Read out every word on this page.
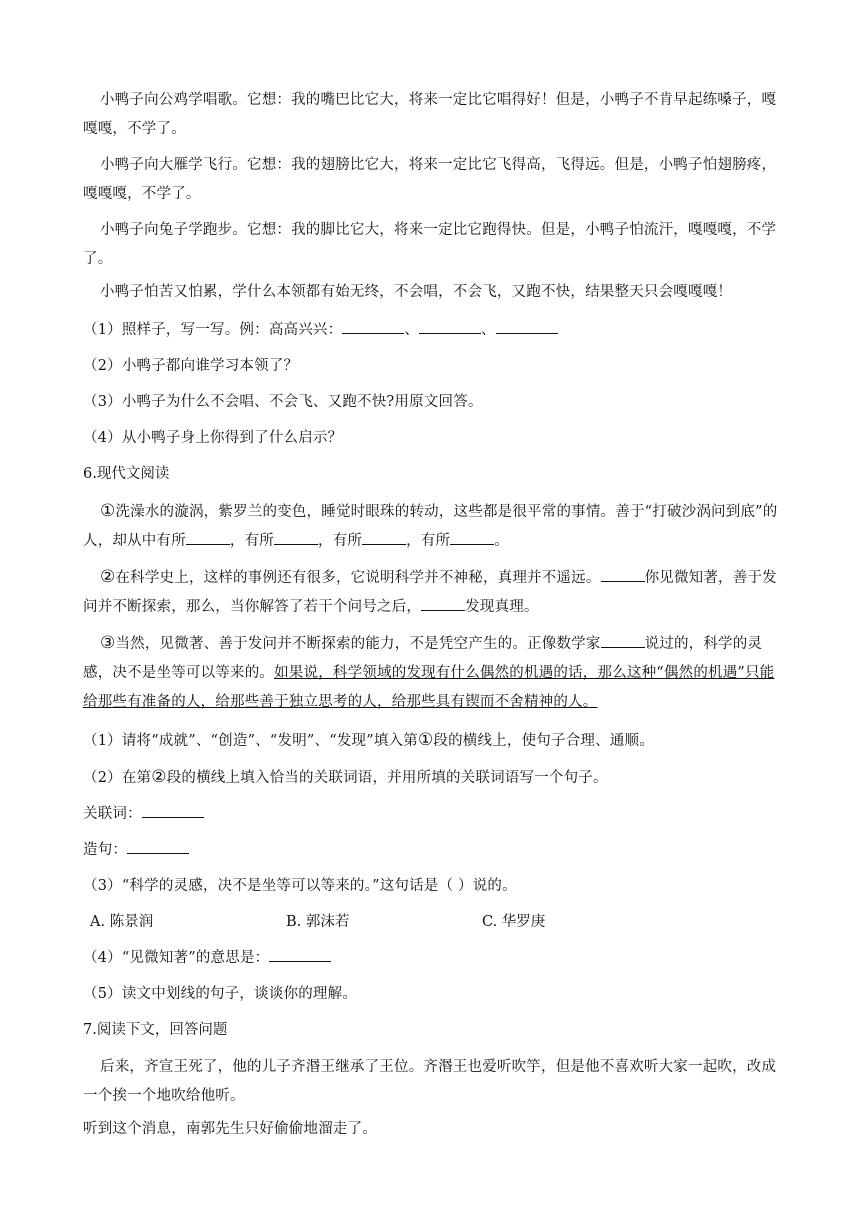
小鸭子向公鸡学唱歌。它想：我的嘴巴比它大，将来一定比它唱得好！但是，小鸭子不肯早起练嗓子，嘎嘎嘎，不学了。

小鸭子向大雁学飞行。它想：我的翅膀比它大，将来一定比它飞得高，飞得远。但是，小鸭子怕翅膀疼，嘎嘎嘎，不学了。

小鸭子向兔子学跑步。它想：我的脚比它大，将来一定比它跑得快。但是，小鸭子怕流汗，嘎嘎嘎，不学了。

小鸭子怕苦又怕累，学什么本领都有始无终，不会唱，不会飞，又跑不快，结果整天只会嘎嘎嘎！

（1）照样子，写一写。例：高高兴兴：	、	、

（2）小鸭子都向谁学习本领了？

（3）小鸭子为什么不会唱、不会飞、又跑不快?用原文回答。

（4）从小鸭子身上你得到了什么启示？

6.现代文阅读

①洗澡水的漩涡，紫罗兰的变色，睡觉时眼珠的转动，这些都是很平常的事情。善于“打破沙涡问到底”的人，却从中有所	，有所	，有所	，有所	。

②在科学史上，这样的事例还有很多，它说明科学并不神秘，真理并不遥远。	你见微知著，善于发问并不断探索，那么，当你解答了若干个问号之后，	发现真理。

③当然，见微著、善于发问并不断探索的能力，不是凭空产生的。正像数学家	说过的，科学的灵感，决不是坐等可以等来的。如果说，科学领域的发现有什么偶然的机遇的话，那么这种“偶然的机遇”只能给那些有准备的人，给那些善于独立思考的人，给那些具有锲而不舍精神的人。

（1）请将“成就”、“创造”、“发明”、“发现”填入第①段的横线上，使句子合理、通顺。

（2）在第②段的横线上填入恰当的关联词语，并用所填的关联词语写一个句子。

关联词：

造句：

（3）“科学的灵感，决不是坐等可以等来的。”这句话是（ ）说的。

A. 陈景润	B. 郭沫若	C. 华罗庚

（4）“见微知著”的意思是：

（5）读文中划线的句子，谈谈你的理解。

7.阅读下文，回答问题

后来，齐宣王死了，他的儿子齐湣王继承了王位。齐湣王也爱听吹竽，但是他不喜欢听大家一起吹，改成一个挨一个地吹给他听。

听到这个消息，南郭先生只好偷偷地溜走了。
